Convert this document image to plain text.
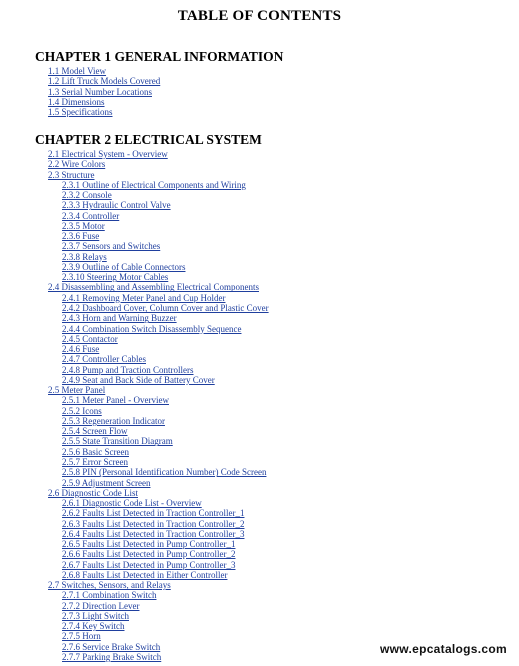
TABLE OF CONTENTS
CHAPTER 1 GENERAL INFORMATION
1.1 Model View
1.2 Lift Truck Models Covered
1.3 Serial Number Locations
1.4 Dimensions
1.5 Specifications
CHAPTER 2 ELECTRICAL SYSTEM
2.1 Electrical System - Overview
2.2 Wire Colors
2.3 Structure
2.3.1 Outline of Electrical Components and Wiring
2.3.2 Console
2.3.3 Hydraulic Control Valve
2.3.4 Controller
2.3.5 Motor
2.3.6 Fuse
2.3.7 Sensors and Switches
2.3.8 Relays
2.3.9 Outline of Cable Connectors
2.3.10 Steering Motor Cables
2.4 Disassembling and Assembling Electrical Components
2.4.1 Removing Meter Panel and Cup Holder
2.4.2 Dashboard Cover, Column Cover and Plastic Cover
2.4.3 Horn and Warning Buzzer
2.4.4 Combination Switch Disassembly Sequence
2.4.5 Contactor
2.4.6 Fuse
2.4.7 Controller Cables
2.4.8 Pump and Traction Controllers
2.4.9 Seat and Back Side of Battery Cover
2.5 Meter Panel
2.5.1 Meter Panel - Overview
2.5.2 Icons
2.5.3 Regeneration Indicator
2.5.4 Screen Flow
2.5.5 State Transition Diagram
2.5.6 Basic Screen
2.5.7 Error Screen
2.5.8 PIN (Personal Identification Number) Code Screen
2.5.9 Adjustment Screen
2.6 Diagnostic Code List
2.6.1 Diagnostic Code List - Overview
2.6.2 Faults List Detected in Traction Controller_1
2.6.3 Faults List Detected in Traction Controller_2
2.6.4 Faults List Detected in Traction Controller_3
2.6.5 Faults List Detected in Pump Controller_1
2.6.6 Faults List Detected in Pump Controller_2
2.6.7 Faults List Detected in Pump Controller_3
2.6.8 Faults List Detected in Either Controller
2.7 Switches, Sensors, and Relays
2.7.1 Combination Switch
2.7.2 Direction Lever
2.7.3 Light Switch
2.7.4 Key Switch
2.7.5 Horn
2.7.6 Service Brake Switch
2.7.7 Parking Brake Switch
www.epcatalogs.com
